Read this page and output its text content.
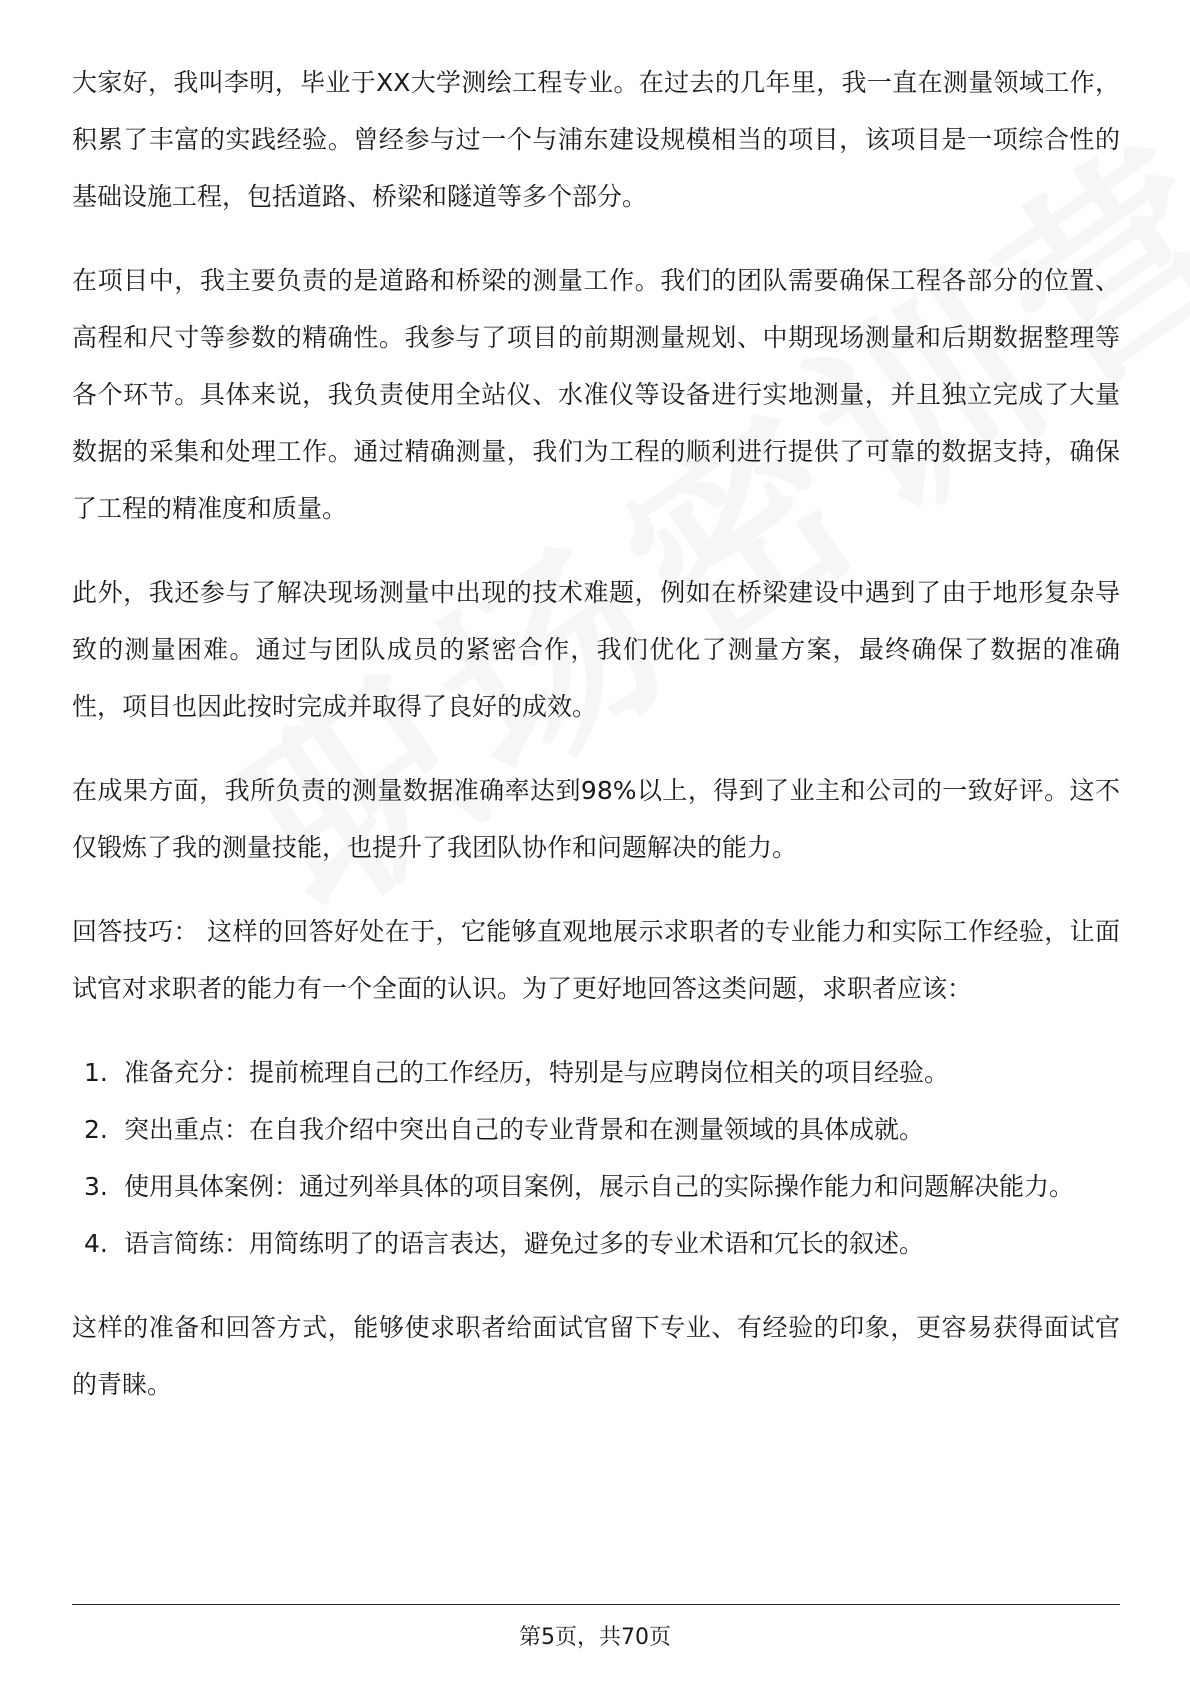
大家好，我叫李明，毕业于XX大学测绘工程专业。在过去的几年里，我一直在测量领域工作，积累了丰富的实践经验。曾经参与过一个与浦东建设规模相当的项目，该项目是一项综合性的基础设施工程，包括道路、桥梁和隧道等多个部分。

在项目中，我主要负责的是道路和桥梁的测量工作。我们的团队需要确保工程各部分的位置、高程和尺寸等参数的精确性。我参与了项目的前期测量规划、中期现场测量和后期数据整理等各个环节。具体来说，我负责使用全站仪、水准仪等设备进行实地测量，并且独立完成了大量数据的采集和处理工作。通过精确测量，我们为工程的顺利进行提供了可靠的数据支持，确保了工程的精准度和质量。

此外，我还参与了解决现场测量中出现的技术难题，例如在桥梁建设中遇到了由于地形复杂导致的测量困难。通过与团队成员的紧密合作，我们优化了测量方案，最终确保了数据的准确性，项目也因此按时完成并取得了良好的成效。

在成果方面，我所负责的测量数据准确率达到98%以上，得到了业主和公司的一致好评。这不仅锻炼了我的测量技能，也提升了我团队协作和问题解决的能力。

回答技巧： 这样的回答好处在于，它能够直观地展示求职者的专业能力和实际工作经验，让面试官对求职者的能力有一个全面的认识。为了更好地回答这类问题，求职者应该：

1. 准备充分：提前梳理自己的工作经历，特别是与应聘岗位相关的项目经验。
2. 突出重点：在自我介绍中突出自己的专业背景和在测量领域的具体成就。
3. 使用具体案例：通过列举具体的项目案例，展示自己的实际操作能力和问题解决能力。
4. 语言简练：用简练明了的语言表达，避免过多的专业术语和冗长的叙述。

这样的准备和回答方式，能够使求职者给面试官留下专业、有经验的印象，更容易获得面试官的青睐。

第5页，共70页
